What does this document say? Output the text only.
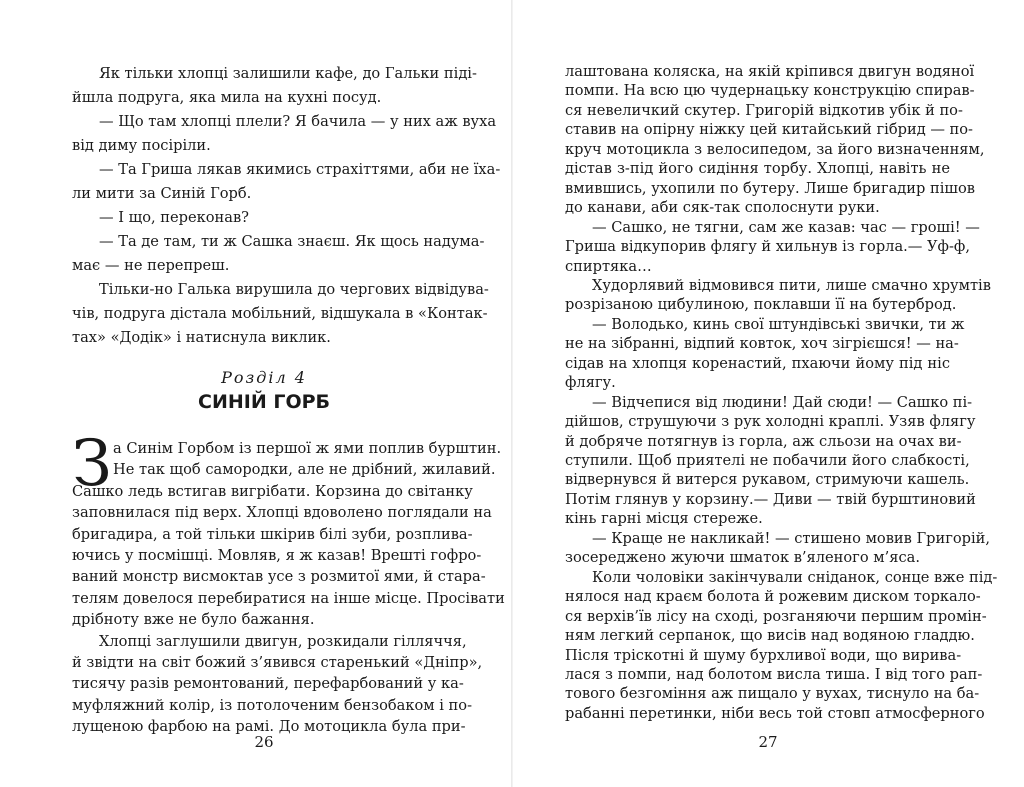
Як тільки хлопці залишили кафе, до Гальки піді-
йшла подруга, яка мила на кухні посуд.
— Що там хлопці плели? Я бачила — у них аж вуха
від диму посіріли.
— Та Гриша лякав якимись страхіттями, аби не їха-
ли мити за Синій Горб.
— І що, переконав?
— Та де там, ти ж Сашка знаєш. Як щось надума-
має — не перепреш.
Тільки-но Галька вирушила до чергових відвідува-
чів, подруга дістала мобільний, відшукала в «Контак-
тах» «Додік» і натиснула виклик.
Розділ 4
СИНІЙ ГОРБ
З
26
а Синім Горбом із першої ж ями поплив бурштин.
Не так щоб самородки, але не дрібний, жилавий.
Сашко ледь встигав вигрібати. Корзина до світанку
заповнилася під верх. Хлопці вдоволено поглядали на
бригадира, а той тільки шкірив білі зуби, розплива-
ючись у посмішці. Мовляв, я ж казав! Врешті гофро-
ваний монстр висмоктав усе з розмитої ями, й стара-
телям довелося перебиратися на інше місце. Просівати
дрібноту вже не було бажання.
Хлопці заглушили двигун, розкидали гілляччя,
й звідти на світ божий з’явився старенький «Дніпр»,
тисячу разів ремонтований, перефарбований у ка-
муфляжний колір, із потолоченим бензобаком і по-
лущеною фарбою на рамі. До мотоцикла була при-
лаштована коляска, на якій кріпився двигун водяної
помпи. На всю цю чудернацьку конструкцію спирав-
ся невеличкий скутер. Григорій відкотив убік й по-
ставив на опірну ніжку цей китайський гібрид — по-
круч мотоцикла з велосипедом, за його визначенням,
дістав з-під його сидіння торбу. Хлопці, навіть не
вмившись, ухопили по бутеру. Лише бригадир пішов
до канави, аби сяк-так сполоснути руки.
— Сашко, не тягни, сам же казав: час — гроші! —
Гриша відкупорив флягу й хильнув із горла.— Уф-ф,
спиртяка…
Худорлявий відмовився пити, лише смачно хрумтів
розрізаною цибулиною, поклавши її на бутерброд.
— Володько, кинь свої штундівські звички, ти ж
не на зібранні, відпий ковток, хоч зігрієшся! — на-
сідав на хлопця коренастий, пхаючи йому під ніс
флягу.
— Відчепися від людини! Дай сюди! — Сашко пі-
дійшов, струшуючи з рук холодні краплі. Узяв флягу
й добряче потягнув із горла, аж сльози на очах ви-
ступили. Щоб приятелі не побачили його слабкості,
відвернувся й витерся рукавом, стримуючи кашель.
Потім глянув у корзину.— Диви — твій бурштиновий
кінь гарні місця стереже.
— Краще не накликай! — стишено мовив Григорій,
зосереджено жуючи шматок в’яленого м’яса.
Коли чоловіки закінчували сніданок, сонце вже під-
нялося над краєм болота й рожевим диском торкало-
ся верхів’їв лісу на сході, розганяючи першим промін-
ням легкий серпанок, що висів над водяною гладдю.
Після тріскотні й шуму бурхливої води, що вирива-
лася з помпи, над болотом висла тиша. І від того рап-
тового безгоміння аж пищало у вухах, тиснуло на ба-
рабанні перетинки, ніби весь той стовп атмосферного
27
